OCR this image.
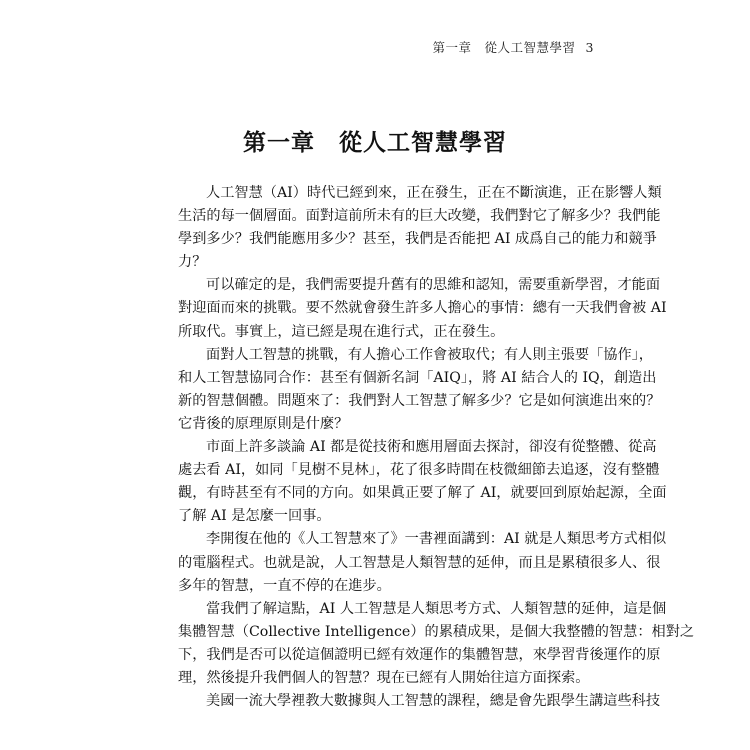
第一章　從人工智慧學習 3
第一章　從人工智慧學習
人工智慧（AI）時代已經到來，正在發生，正在不斷演進，正在影響人類
生活的每一個層面。面對這前所未有的巨大改變，我們對它了解多少？我們能
學到多少？我們能應用多少？甚至，我們是否能把 AI 成爲自己的能力和競爭
力？
可以確定的是，我們需要提升舊有的思維和認知，需要重新學習，才能面
對迎面而來的挑戰。要不然就會發生許多人擔心的事情：總有一天我們會被 AI
所取代。事實上，這已經是現在進行式，正在發生。
面對人工智慧的挑戰，有人擔心工作會被取代；有人則主張要「協作」，
和人工智慧協同合作：甚至有個新名詞「AIQ」，將 AI 結合人的 IQ，創造出
新的智慧個體。問題來了：我們對人工智慧了解多少？它是如何演進出來的？
它背後的原理原則是什麼？
市面上許多談論 AI 都是從技術和應用層面去探討，卻沒有從整體、從高
處去看 AI，如同「見樹不見林」，花了很多時間在枝微細節去追逐，沒有整體
觀，有時甚至有不同的方向。如果眞正要了解了 AI，就要回到原始起源，全面
了解 AI 是怎麼一回事。
李開復在他的《人工智慧來了》一書裡面講到：AI 就是人類思考方式相似
的電腦程式。也就是說，人工智慧是人類智慧的延伸，而且是累積很多人、很
多年的智慧，一直不停的在進步。
當我們了解這點，AI 人工智慧是人類思考方式、人類智慧的延伸，這是個
集體智慧（Collective Intelligence）的累積成果，是個大我整體的智慧：相對之
下，我們是否可以從這個證明已經有效運作的集體智慧，來學習背後運作的原
理，然後提升我們個人的智慧？現在已經有人開始往這方面探索。
美國一流大學裡教大數據與人工智慧的課程，總是會先跟學生講這些科技
